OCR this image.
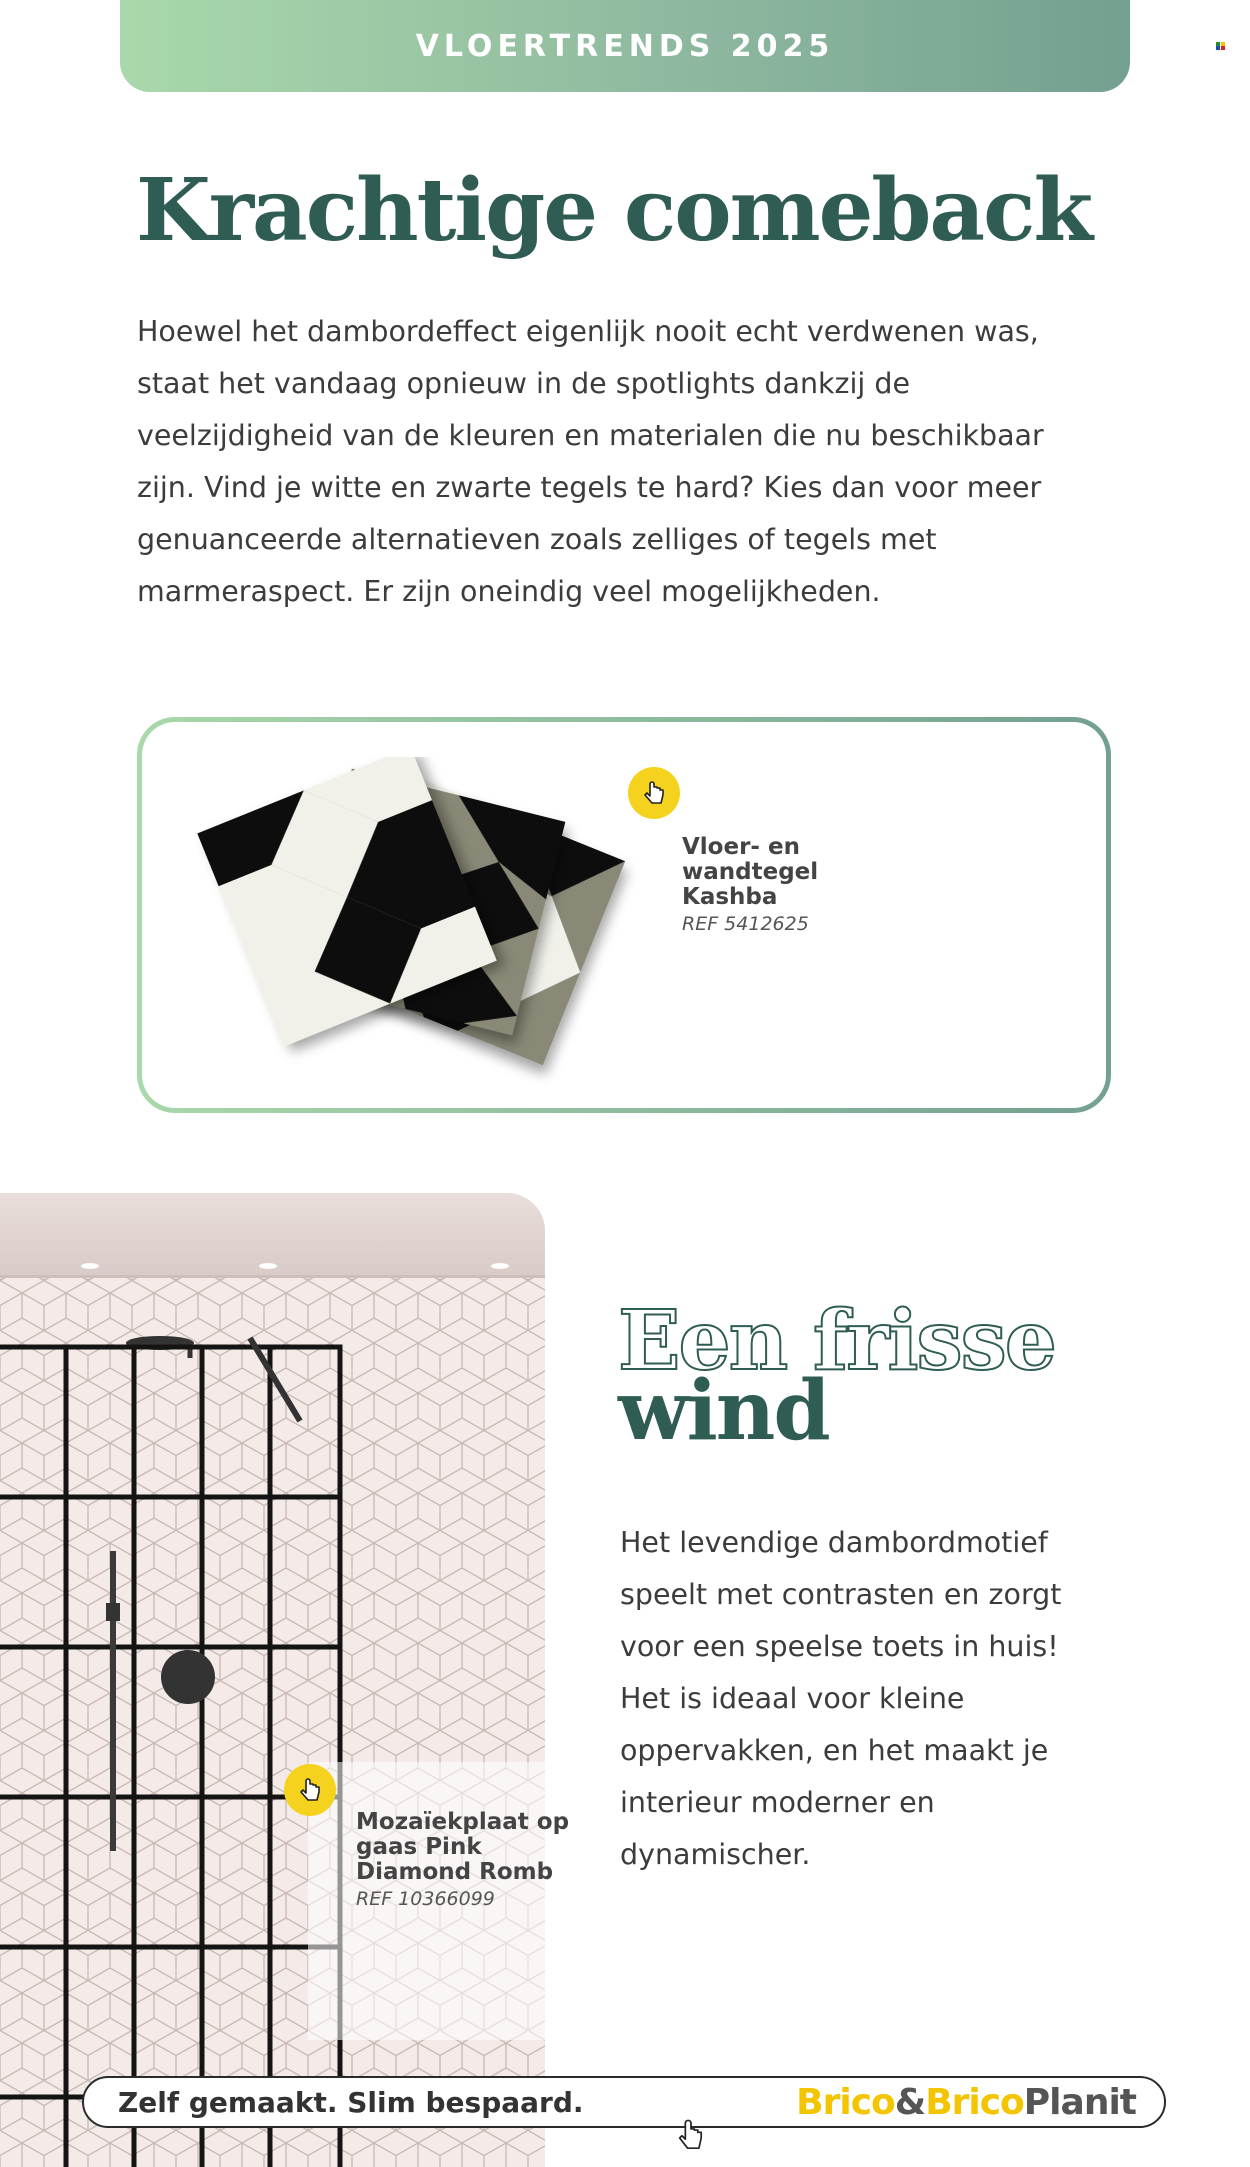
VLOERTRENDS 2025
Krachtige comeback

Hoewel het dambordeffect eigenlijk nooit echt verdwenen was, staat het vandaag opnieuw in de spotlights dankzij de veelzijdigheid van de kleuren en materialen die nu beschikbaar zijn. Vind je witte en zwarte tegels te hard? Kies dan voor meer genuanceerde alternatieven zoals zelliges of tegels met marmeraspect. Er zijn oneindig veel mogelijkheden.

Vloer- en
wandtegel
Kashba
REF 5412625
Mozaïekplaat op
gaas Pink
Diamond Romb
REF 10366099
Een frisse
wind

Het levendige dambordmotief speelt met contrasten en zorgt voor een speelse toets in huis! Het is ideaal voor kleine oppervakken, en het maakt je interieur moderner en dynamischer.

Zelf gemaakt. Slim bespaard.	Brico&BricoPlanit
